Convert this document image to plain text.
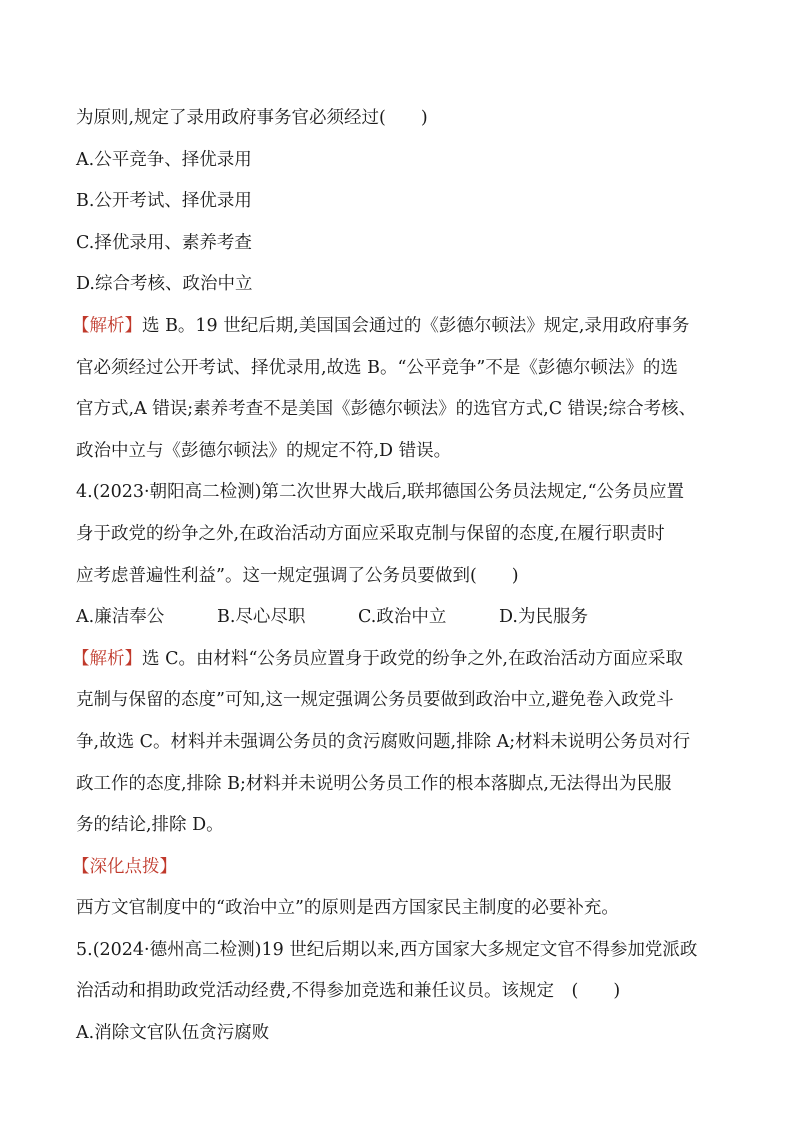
为原则,规定了录用政府事务官必须经过(　　)

A.公平竞争、择优录用

B.公开考试、择优录用

C.择优录用、素养考查

D.综合考核、政治中立

【解析】选 B。19 世纪后期,美国国会通过的《彭德尔顿法》规定,录用政府事务

官必须经过公开考试、择优录用,故选 B。“公平竞争”不是《彭德尔顿法》的选

官方式,A 错误;素养考查不是美国《彭德尔顿法》的选官方式,C 错误;综合考核、

政治中立与《彭德尔顿法》的规定不符,D 错误。

4.(2023·朝阳高二检测)第二次世界大战后,联邦德国公务员法规定,“公务员应置

身于政党的纷争之外,在政治活动方面应采取克制与保留的态度,在履行职责时

应考虑普遍性利益”。这一规定强调了公务员要做到(　　)

A.廉洁奉公	B.尽心尽职	C.政治中立	D.为民服务

【解析】选 C。由材料“公务员应置身于政党的纷争之外,在政治活动方面应采取

克制与保留的态度”可知,这一规定强调公务员要做到政治中立,避免卷入政党斗

争,故选 C。材料并未强调公务员的贪污腐败问题,排除 A;材料未说明公务员对行

政工作的态度,排除 B;材料并未说明公务员工作的根本落脚点,无法得出为民服

务的结论,排除 D。

【深化点拨】

西方文官制度中的“政治中立”的原则是西方国家民主制度的必要补充。

5.(2024·德州高二检测)19 世纪后期以来,西方国家大多规定文官不得参加党派政

治活动和捐助政党活动经费,不得参加竞选和兼任议员。该规定　(　　)

A.消除文官队伍贪污腐败
